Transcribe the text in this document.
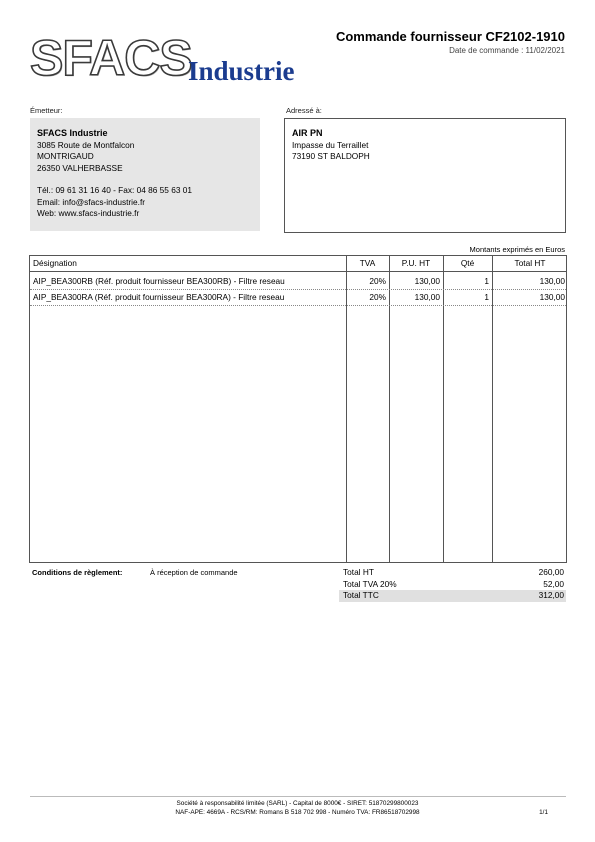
SFACS
Industrie
Commande fournisseur CF2102-1910
Date de commande : 11/02/2021
Émetteur:
SFACS Industrie
3085 Route de Montfalcon
MONTRIGAUD
26350 VALHERBASSE
Tél.: 09 61 31 16 40 - Fax: 04 86 55 63 01
Email: info@sfacs-industrie.fr
Web: www.sfacs-industrie.fr
Adressé à:
AIR PN
Impasse du Terraillet
73190 ST BALDOPH
Montants exprimés en Euros
Désignation	TVA	P.U. HT	Qté	Total HT
AIP_BEA300RB (Réf. produit fournisseur BEA300RB) - Filtre reseau	20%	130,00	1	130,00
AIP_BEA300RA (Réf. produit fournisseur BEA300RA) - Filtre reseau	20%	130,00	1	130,00
Conditions de règlement:	À réception de commande	Total HT	260,00
Total TVA 20%	52,00
Total TTC	312,00
Société à responsabilité limitée (SARL) - Capital de 8000€ - SIRET: 51870299800023
NAF-APE: 4669A - RCS/RM: Romans B 518 702 998 - Numéro TVA: FR86518702998	1/1
